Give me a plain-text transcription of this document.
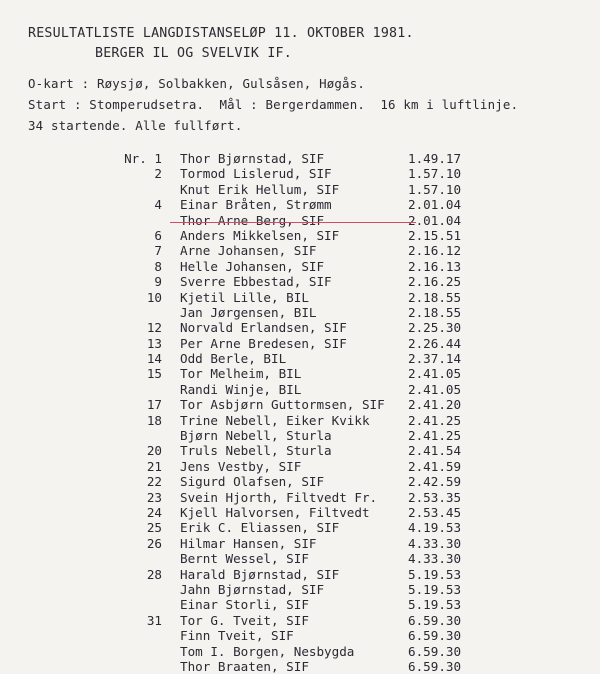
RESULTATLISTE LANGDISTANSELØP 11. OKTOBER 1981.
BERGER IL OG SVELVIK IF.
O-kart : Røysjø, Solbakken, Gulsåsen, Høgås.
Start : Stomperudsetra.  Mål : Bergerdammen.  16 km i luftlinje.
34 startende. Alle fullført.
Nr. 1 Thor Bjørnstad, SIF	1.49.17
2 Tormod Lislerud, SIF	1.57.10
Knut Erik Hellum, SIF	1.57.10
4 Einar Bråten, Strømm	2.01.04
Thor Arne Berg, SIF	2.01.04
6 Anders Mikkelsen, SIF	2.15.51
7 Arne Johansen, SIF	2.16.12
8 Helle Johansen, SIF	2.16.13
9 Sverre Ebbestad, SIF	2.16.25
10 Kjetil Lille, BIL	2.18.55
Jan Jørgensen, BIL	2.18.55
12 Norvald Erlandsen, SIF	2.25.30
13 Per Arne Bredesen, SIF	2.26.44
14 Odd Berle, BIL	2.37.14
15 Tor Melheim, BIL	2.41.05
Randi Winje, BIL	2.41.05
17 Tor Asbjørn Guttormsen, SIF 2.41.20
18 Trine Nebell, Eiker Kvikk	2.41.25
Bjørn Nebell, Sturla	2.41.25
20 Truls Nebell, Sturla	2.41.54
21 Jens Vestby, SIF	2.41.59
22 Sigurd Olafsen, SIF	2.42.59
23 Svein Hjorth, Filtvedt Fr. 2.53.35
24 Kjell Halvorsen, Filtvedt	2.53.45
25 Erik C. Eliassen, SIF	4.19.53
26 Hilmar Hansen, SIF	4.33.30
Bernt Wessel, SIF	4.33.30
28 Harald Bjørnstad, SIF	5.19.53
Jahn Bjørnstad, SIF	5.19.53
Einar Storli, SIF	5.19.53
31 Tor G. Tveit, SIF	6.59.30
Finn Tveit, SIF	6.59.30
Tom I. Borgen, Nesbygda	6.59.30
Thor Braaten, SIF	6.59.30
